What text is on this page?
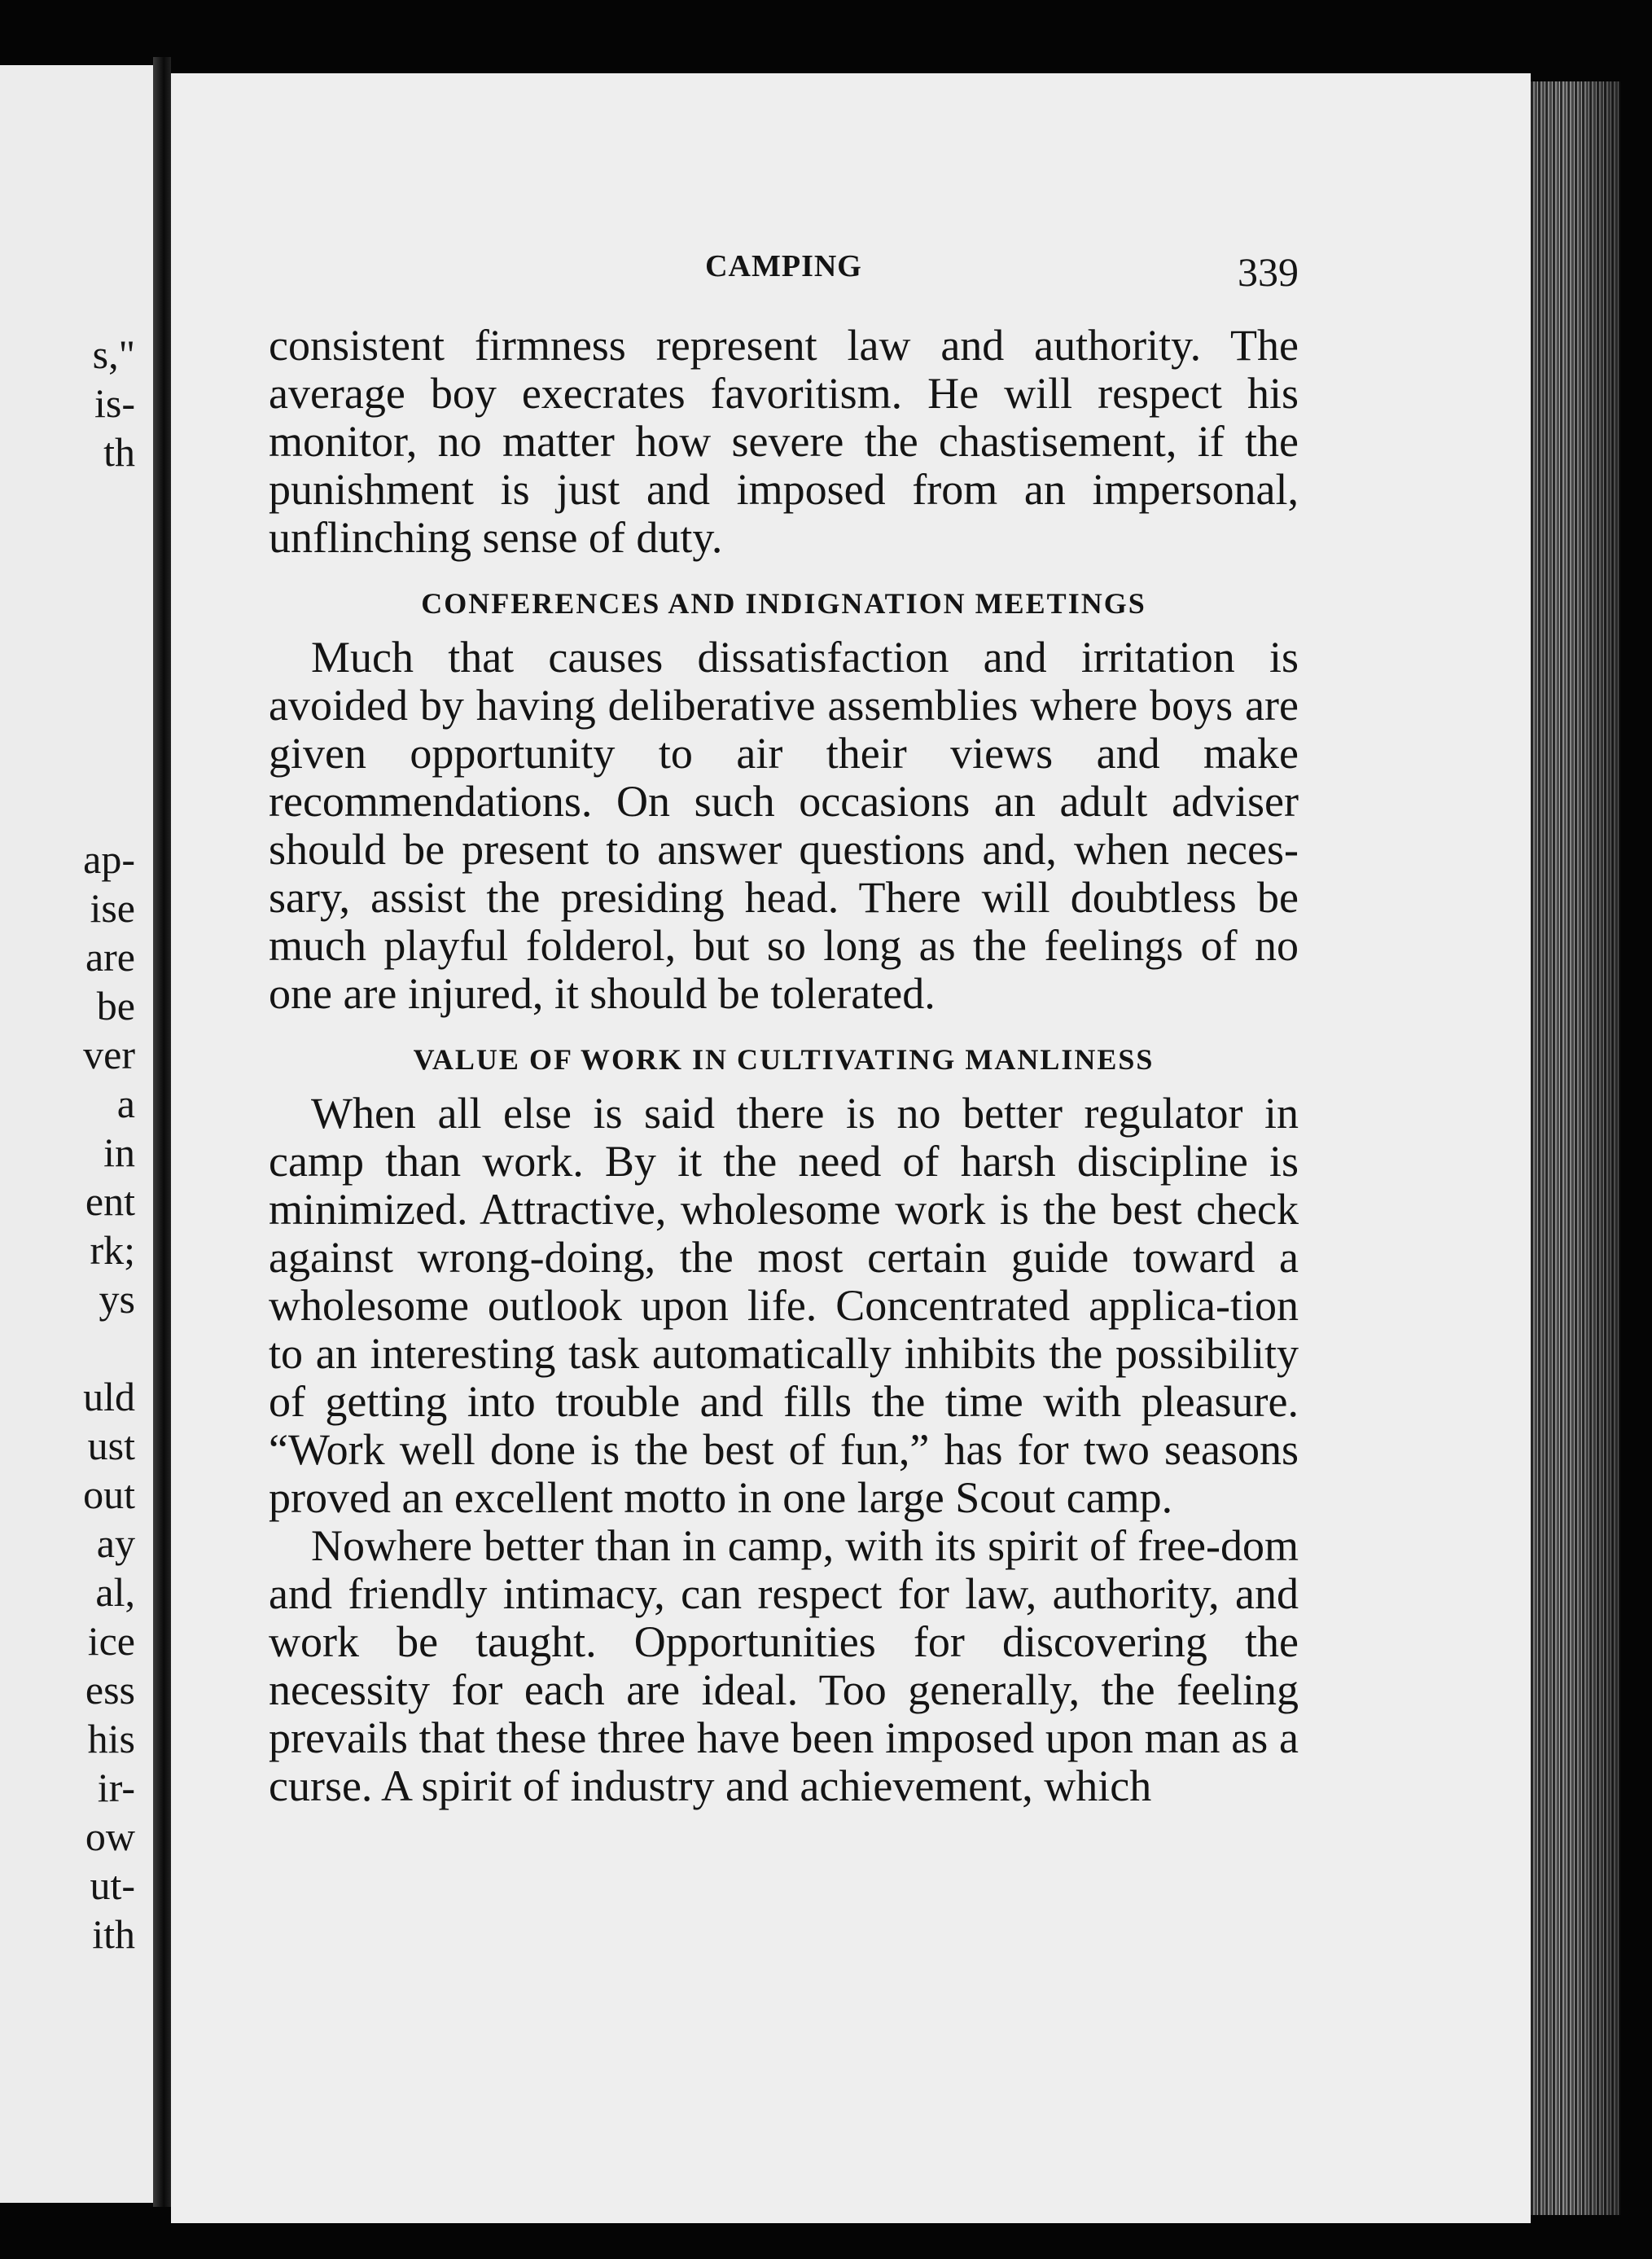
s,"
is-
th
ap-
ise
are
be
ver
a
in
ent
rk;
ys
uld
ust
out
ay
al,
ice
ess
his
ir-
ow
ut-
ith
CAMPING	339

consistent firmness represent law and authority. The average boy execrates favoritism. He will respect his monitor, no matter how severe the chastisement, if the punishment is just and imposed from an impersonal, unflinching sense of duty.

CONFERENCES AND INDIGNATION MEETINGS

Much that causes dissatisfaction and irritation is avoided by having deliberative assemblies where boys are given opportunity to air their views and make recommendations. On such occasions an adult adviser should be present to answer questions and, when neces-sary, assist the presiding head. There will doubtless be much playful folderol, but so long as the feelings of no one are injured, it should be tolerated.

VALUE OF WORK IN CULTIVATING MANLINESS

When all else is said there is no better regulator in camp than work. By it the need of harsh discipline is minimized. Attractive, wholesome work is the best check against wrong-doing, the most certain guide toward a wholesome outlook upon life. Concentrated applica-tion to an interesting task automatically inhibits the possibility of getting into trouble and fills the time with pleasure. “Work well done is the best of fun,” has for two seasons proved an excellent motto in one large Scout camp.

Nowhere better than in camp, with its spirit of free-dom and friendly intimacy, can respect for law, authority, and work be taught. Opportunities for discovering the necessity for each are ideal. Too generally, the feeling prevails that these three have been imposed upon man as a curse. A spirit of industry and achievement, which
